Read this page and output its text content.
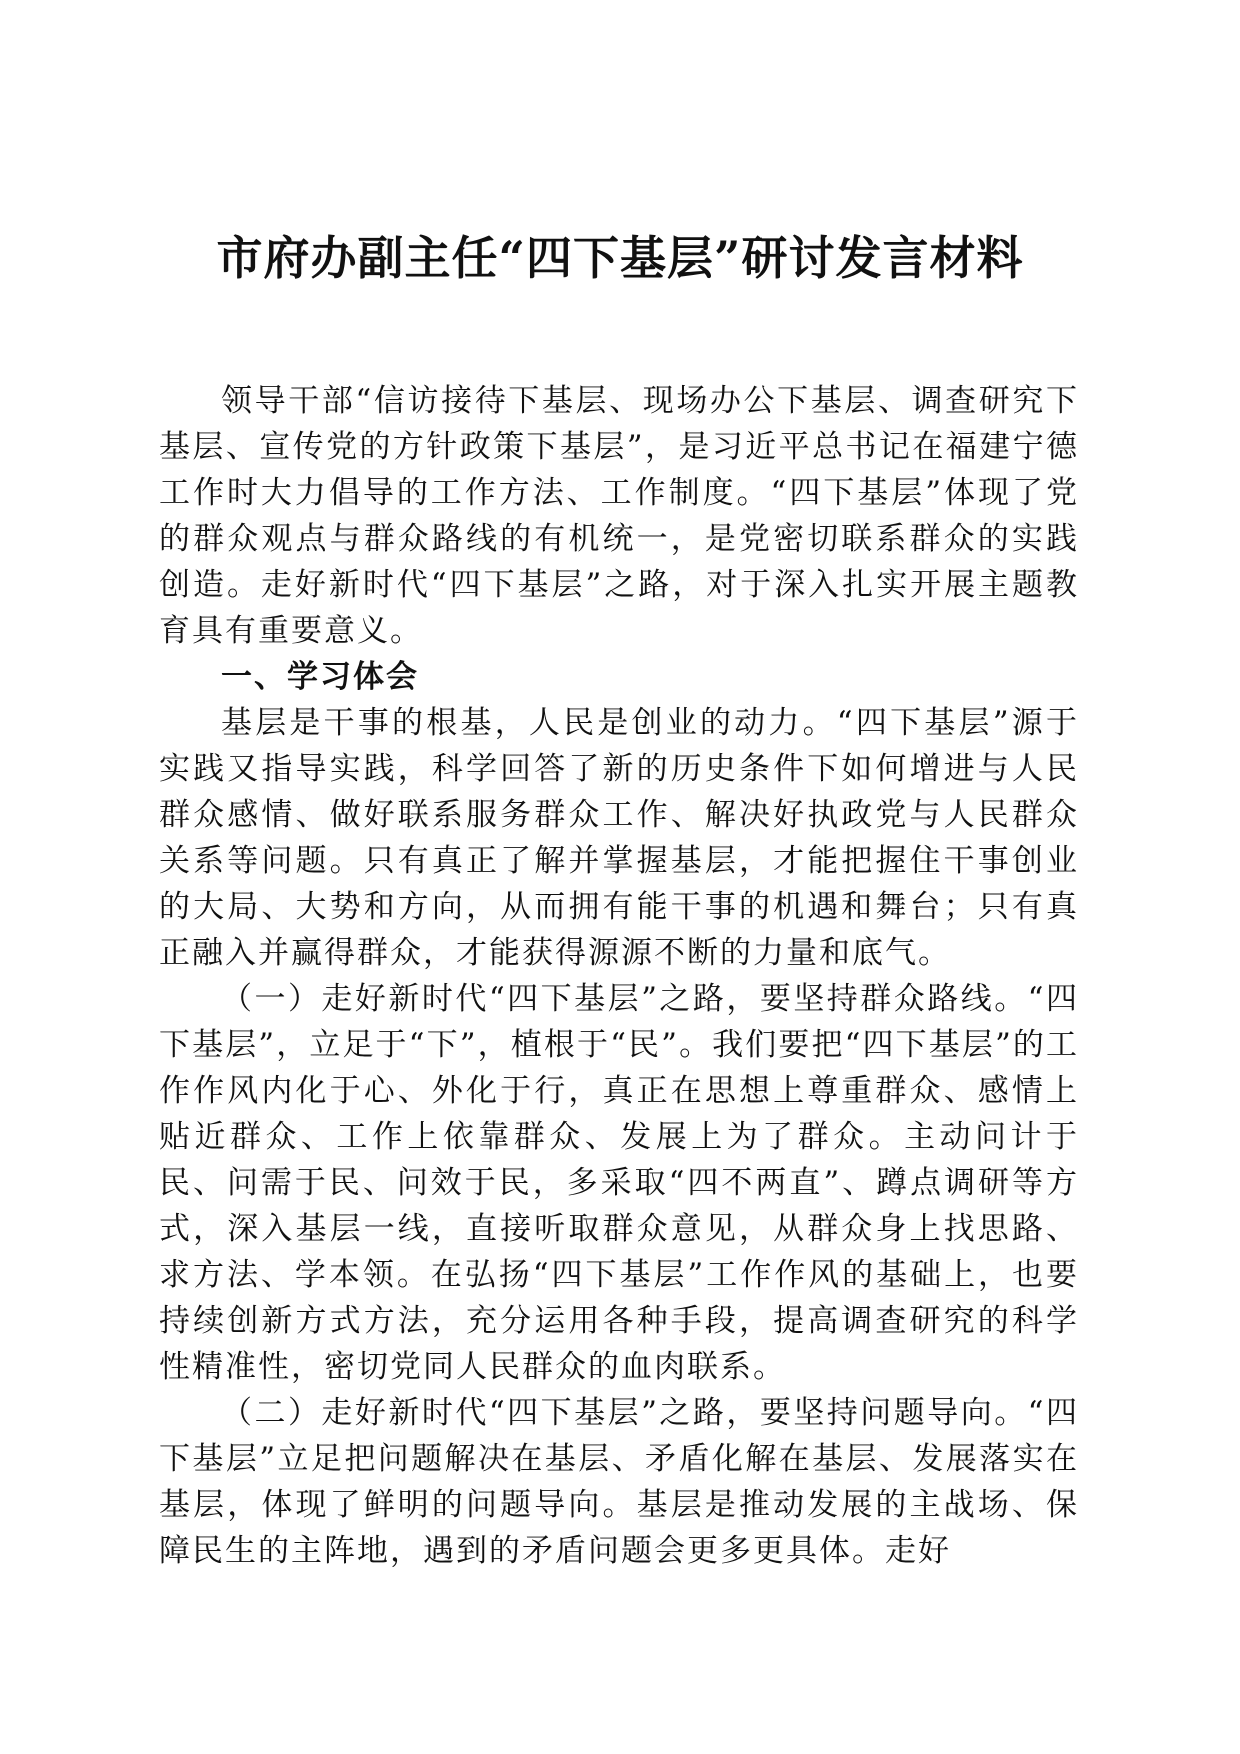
市府办副主任“四下基层”研讨发言材料

领导干部“信访接待下基层、现场办公下基层、调查研究下基层、宣传党的方针政策下基层”，是习近平总书记在福建宁德工作时大力倡导的工作方法、工作制度。“四下基层”体现了党的群众观点与群众路线的有机统一，是党密切联系群众的实践创造。走好新时代“四下基层”之路，对于深入扎实开展主题教育具有重要意义。

一、学习体会

基层是干事的根基，人民是创业的动力。“四下基层”源于实践又指导实践，科学回答了新的历史条件下如何增进与人民群众感情、做好联系服务群众工作、解决好执政党与人民群众关系等问题。只有真正了解并掌握基层，才能把握住干事创业的大局、大势和方向，从而拥有能干事的机遇和舞台；只有真正融入并赢得群众，才能获得源源不断的力量和底气。

（一）走好新时代“四下基层”之路，要坚持群众路线。“四下基层”，立足于“下”，植根于“民”。我们要把“四下基层”的工作作风内化于心、外化于行，真正在思想上尊重群众、感情上贴近群众、工作上依靠群众、发展上为了群众。主动问计于民、问需于民、问效于民，多采取“四不两直”、蹲点调研等方式，深入基层一线，直接听取群众意见，从群众身上找思路、求方法、学本领。在弘扬“四下基层”工作作风的基础上，也要持续创新方式方法，充分运用各种手段，提高调查研究的科学性精准性，密切党同人民群众的血肉联系。

（二）走好新时代“四下基层”之路，要坚持问题导向。“四下基层”立足把问题解决在基层、矛盾化解在基层、发展落实在基层，体现了鲜明的问题导向。基层是推动发展的主战场、保障民生的主阵地，遇到的矛盾问题会更多更具体。走好
